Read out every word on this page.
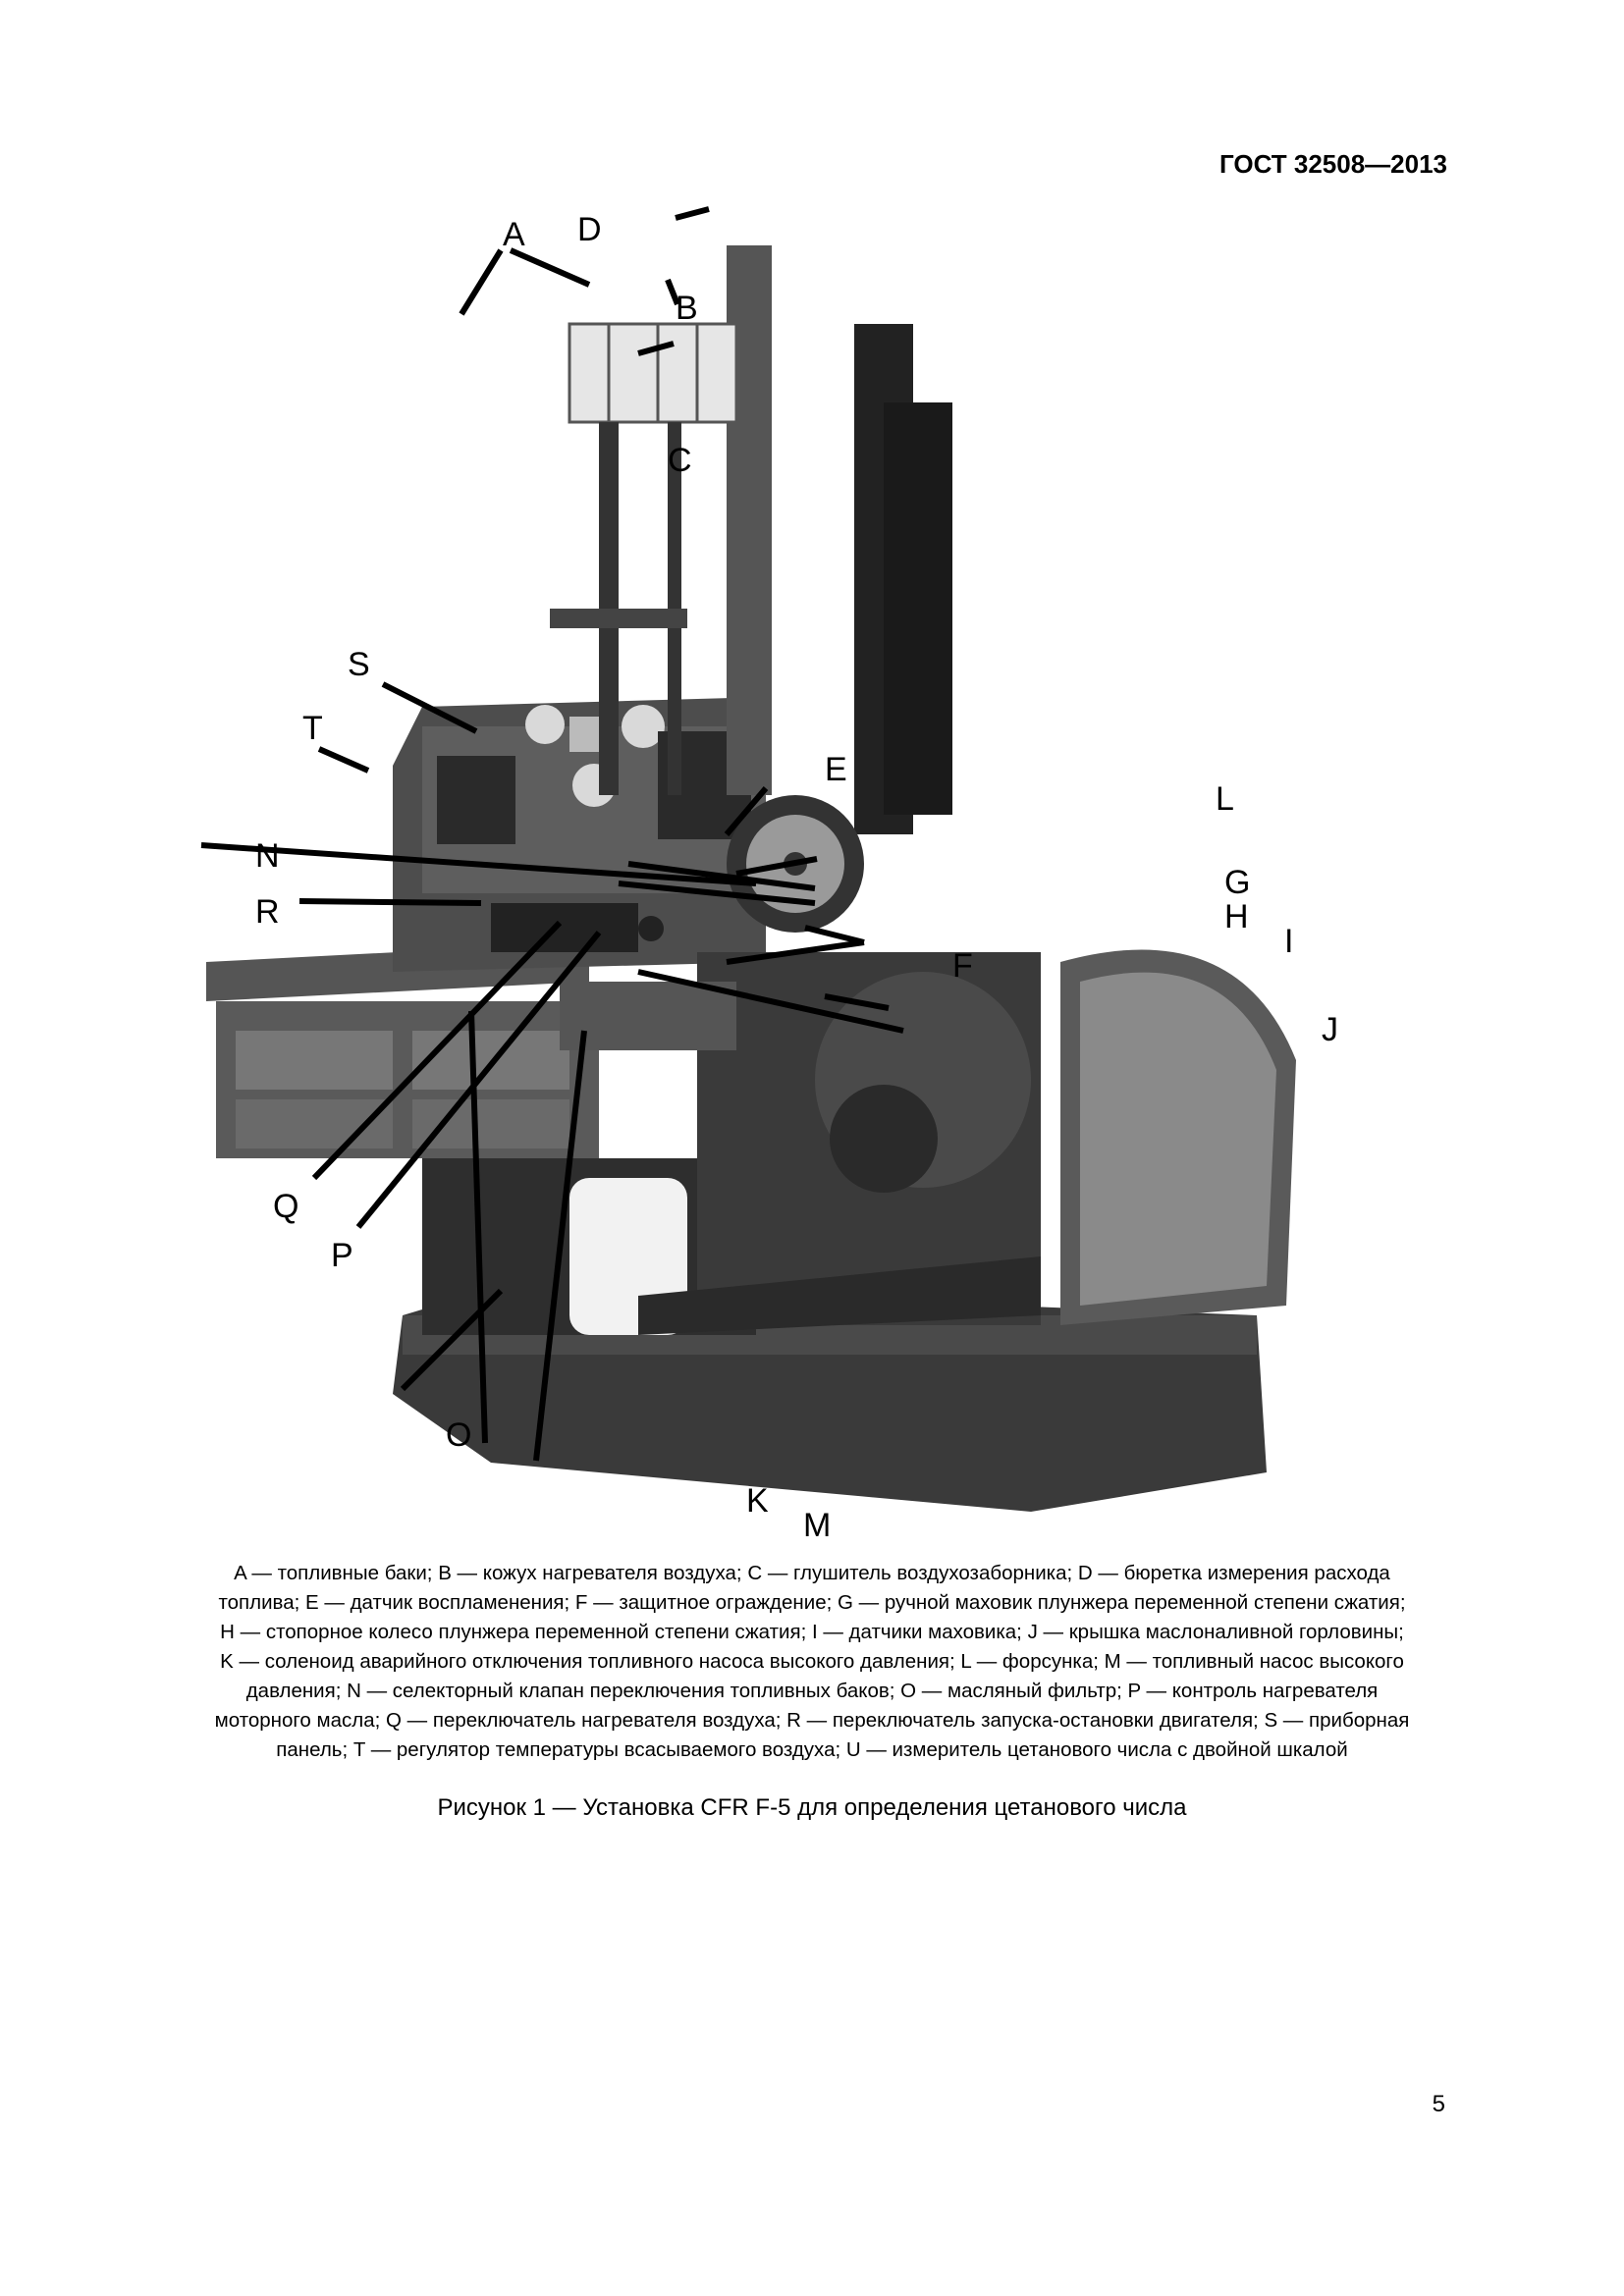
ГОСТ 32508—2013
A
B
C
D
E
F
G
H
I
J
K
L
M
N
O
P
Q
R
S
T
A — топливные баки; B — кожух нагревателя воздуха; C — глушитель воздухозаборника; D — бюретка измерения расхода
топлива; E — датчик воспламенения; F — защитное ограждение; G — ручной маховик плунжера переменной степени сжатия;
H — стопорное колесо плунжера переменной степени сжатия; I — датчики маховика; J — крышка маслоналивной горловины;
K — соленоид аварийного отключения топливного насоса высокого давления; L — форсунка; M — топливный насос высокого
давления; N — селекторный клапан переключения топливных баков; O — масляный фильтр; P — контроль нагревателя
моторного масла; Q — переключатель нагревателя воздуха; R — переключатель запуска-остановки двигателя; S — приборная
панель; T — регулятор температуры всасываемого воздуха; U — измеритель цетанового числа с двойной шкалой
Рисунок 1 — Установка CFR F-5 для определения цетанового числа
5
